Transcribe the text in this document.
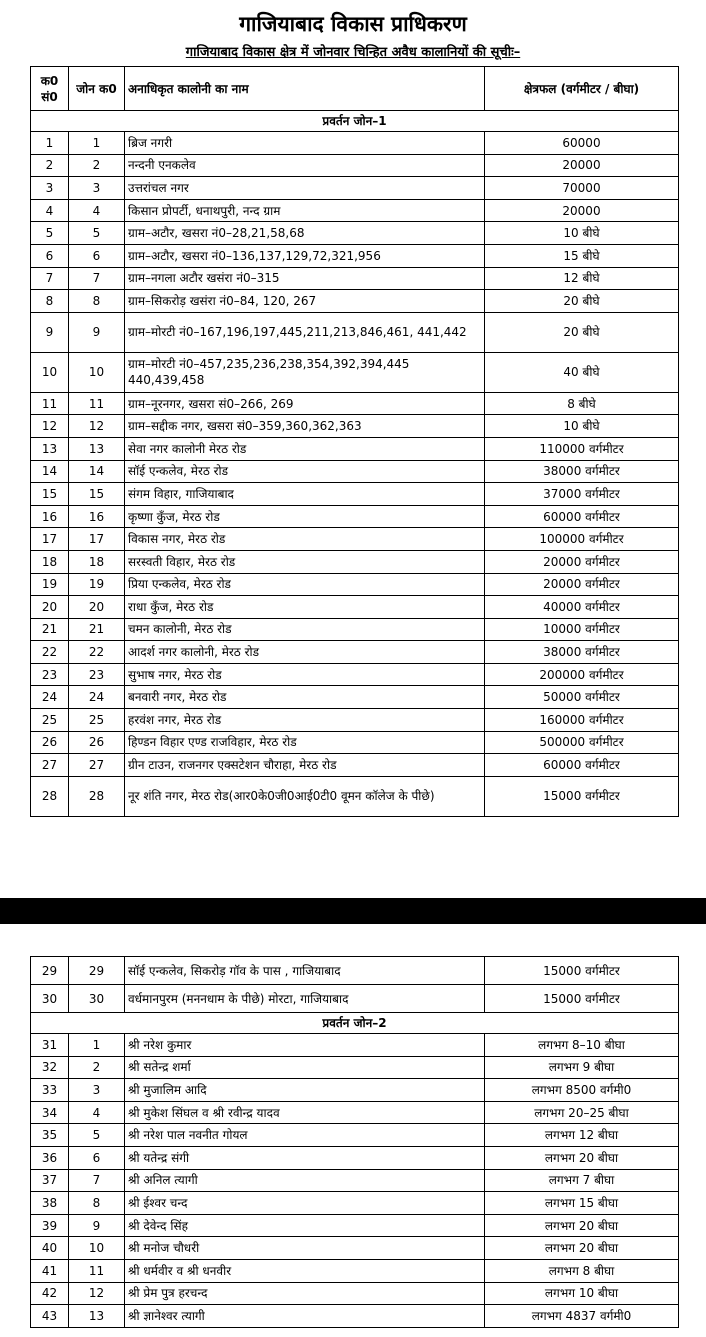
गाजियाबाद विकास प्राधिकरण
गाजियाबाद विकास क्षेत्र में जोनवार चिन्हित अवैध कालानियों की सूचीः–
क0 सं0	जोन क0	अनाधिकृत कालोनी का नाम	क्षेत्रफल (वर्गमीटर / बीघा)
प्रवर्तन जोन–1			
1	1	ब्रिज नगरी	60000
2	2	नन्दनी एनकलेव	20000
3	3	उत्तरांचल नगर	70000
4	4	किसान प्रोपर्टी, धनाथपुरी, नन्द ग्राम	20000
5	5	ग्राम–अटौर, खसरा नं0–28,21,58,68	10 बीघे
6	6	ग्राम–अटौर, खसरा नं0–136,137,129,72,321,956	15 बीघे
7	7	ग्राम–नगला अटौर खसंरा नं0–315	12 बीघे
8	8	ग्राम–सिकरोड़ खसंरा नं0–84, 120, 267	20 बीघे
9	9	ग्राम–मोरटी नं0–167,196,197,445,211,213,846,461, 441,442	20 बीघे
10	10	ग्राम–मोरटी नं0–457,235,236,238,354,392,394,445 440,439,458	40 बीघे
11	11	ग्राम–नूरनगर, खसरा सं0–266, 269	8 बीघे
12	12	ग्राम–सद्दीक नगर, खसरा सं0–359,360,362,363	10 बीघे
13	13	सेवा नगर कालोनी मेरठ रोड	110000 वर्गमीटर
14	14	सॉई एन्कलेव, मेरठ रोड	38000 वर्गमीटर
15	15	संगम विहार, गाजियाबाद	37000 वर्गमीटर
16	16	कृष्णा कुँज, मेरठ रोड	60000 वर्गमीटर
17	17	विकास नगर, मेरठ रोड	100000 वर्गमीटर
18	18	सरस्वती विहार, मेरठ रोड	20000 वर्गमीटर
19	19	प्रिया एन्कलेव, मेरठ रोड	20000 वर्गमीटर
20	20	राधा कुँज, मेरठ रोड	40000 वर्गमीटर
21	21	चमन कालोनी, मेरठ रोड	10000 वर्गमीटर
22	22	आदर्श नगर कालोनी, मेरठ रोड	38000 वर्गमीटर
23	23	सुभाष नगर, मेरठ रोड	200000 वर्गमीटर
24	24	बनवारी नगर, मेरठ रोड	50000 वर्गमीटर
25	25	हरवंश नगर, मेरठ रोड	160000 वर्गमीटर
26	26	हिण्डन विहार एण्ड राजविहार, मेरठ रोड	500000 वर्गमीटर
27	27	ग्रीन टाउन, राजनगर एक्सटेशन चौराहा, मेरठ रोड	60000 वर्गमीटर
28	28	नूर शंति नगर, मेरठ रोड(आर0के0जी0आई0टी0 वूमन कॉलेज के पीछे)	15000 वर्गमीटर
29	29	सॉई एन्कलेव, सिकरोड़ गॉव के पास , गाजियाबाद	15000 वर्गमीटर
30	30	वर्धमानपुरम (मननधाम के पीछे) मोरटा, गाजियाबाद	15000 वर्गमीटर
प्रवर्तन जोन–2			
31	1	श्री नरेश कुमार	लगभग 8–10 बीघा
32	2	श्री सतेन्द्र शर्मा	लगभग 9 बीघा
33	3	श्री मुजालिम आदि	लगभग 8500 वर्गमी0
34	4	श्री मुकेश सिंघल व श्री रवीन्द्र यादव	लगभग 20–25 बीघा
35	5	श्री नरेश पाल नवनीत गोयल	लगभग 12 बीघा
36	6	श्री यतेन्द्र संगी	लगभग 20 बीघा
37	7	श्री अनिल त्यागी	लगभग 7 बीघा
38	8	श्री ईश्वर चन्द	लगभग 15 बीघा
39	9	श्री देवेन्द सिंह	लगभग 20 बीघा
40	10	श्री मनोज चौधरी	लगभग 20 बीघा
41	11	श्री धर्मवीर व श्री धनवीर	लगभग 8 बीघा
42	12	श्री प्रेम पुत्र हरचन्द	लगभग 10 बीघा
43	13	श्री ज्ञानेश्वर त्यागी	लगभग 4837 वर्गमी0
